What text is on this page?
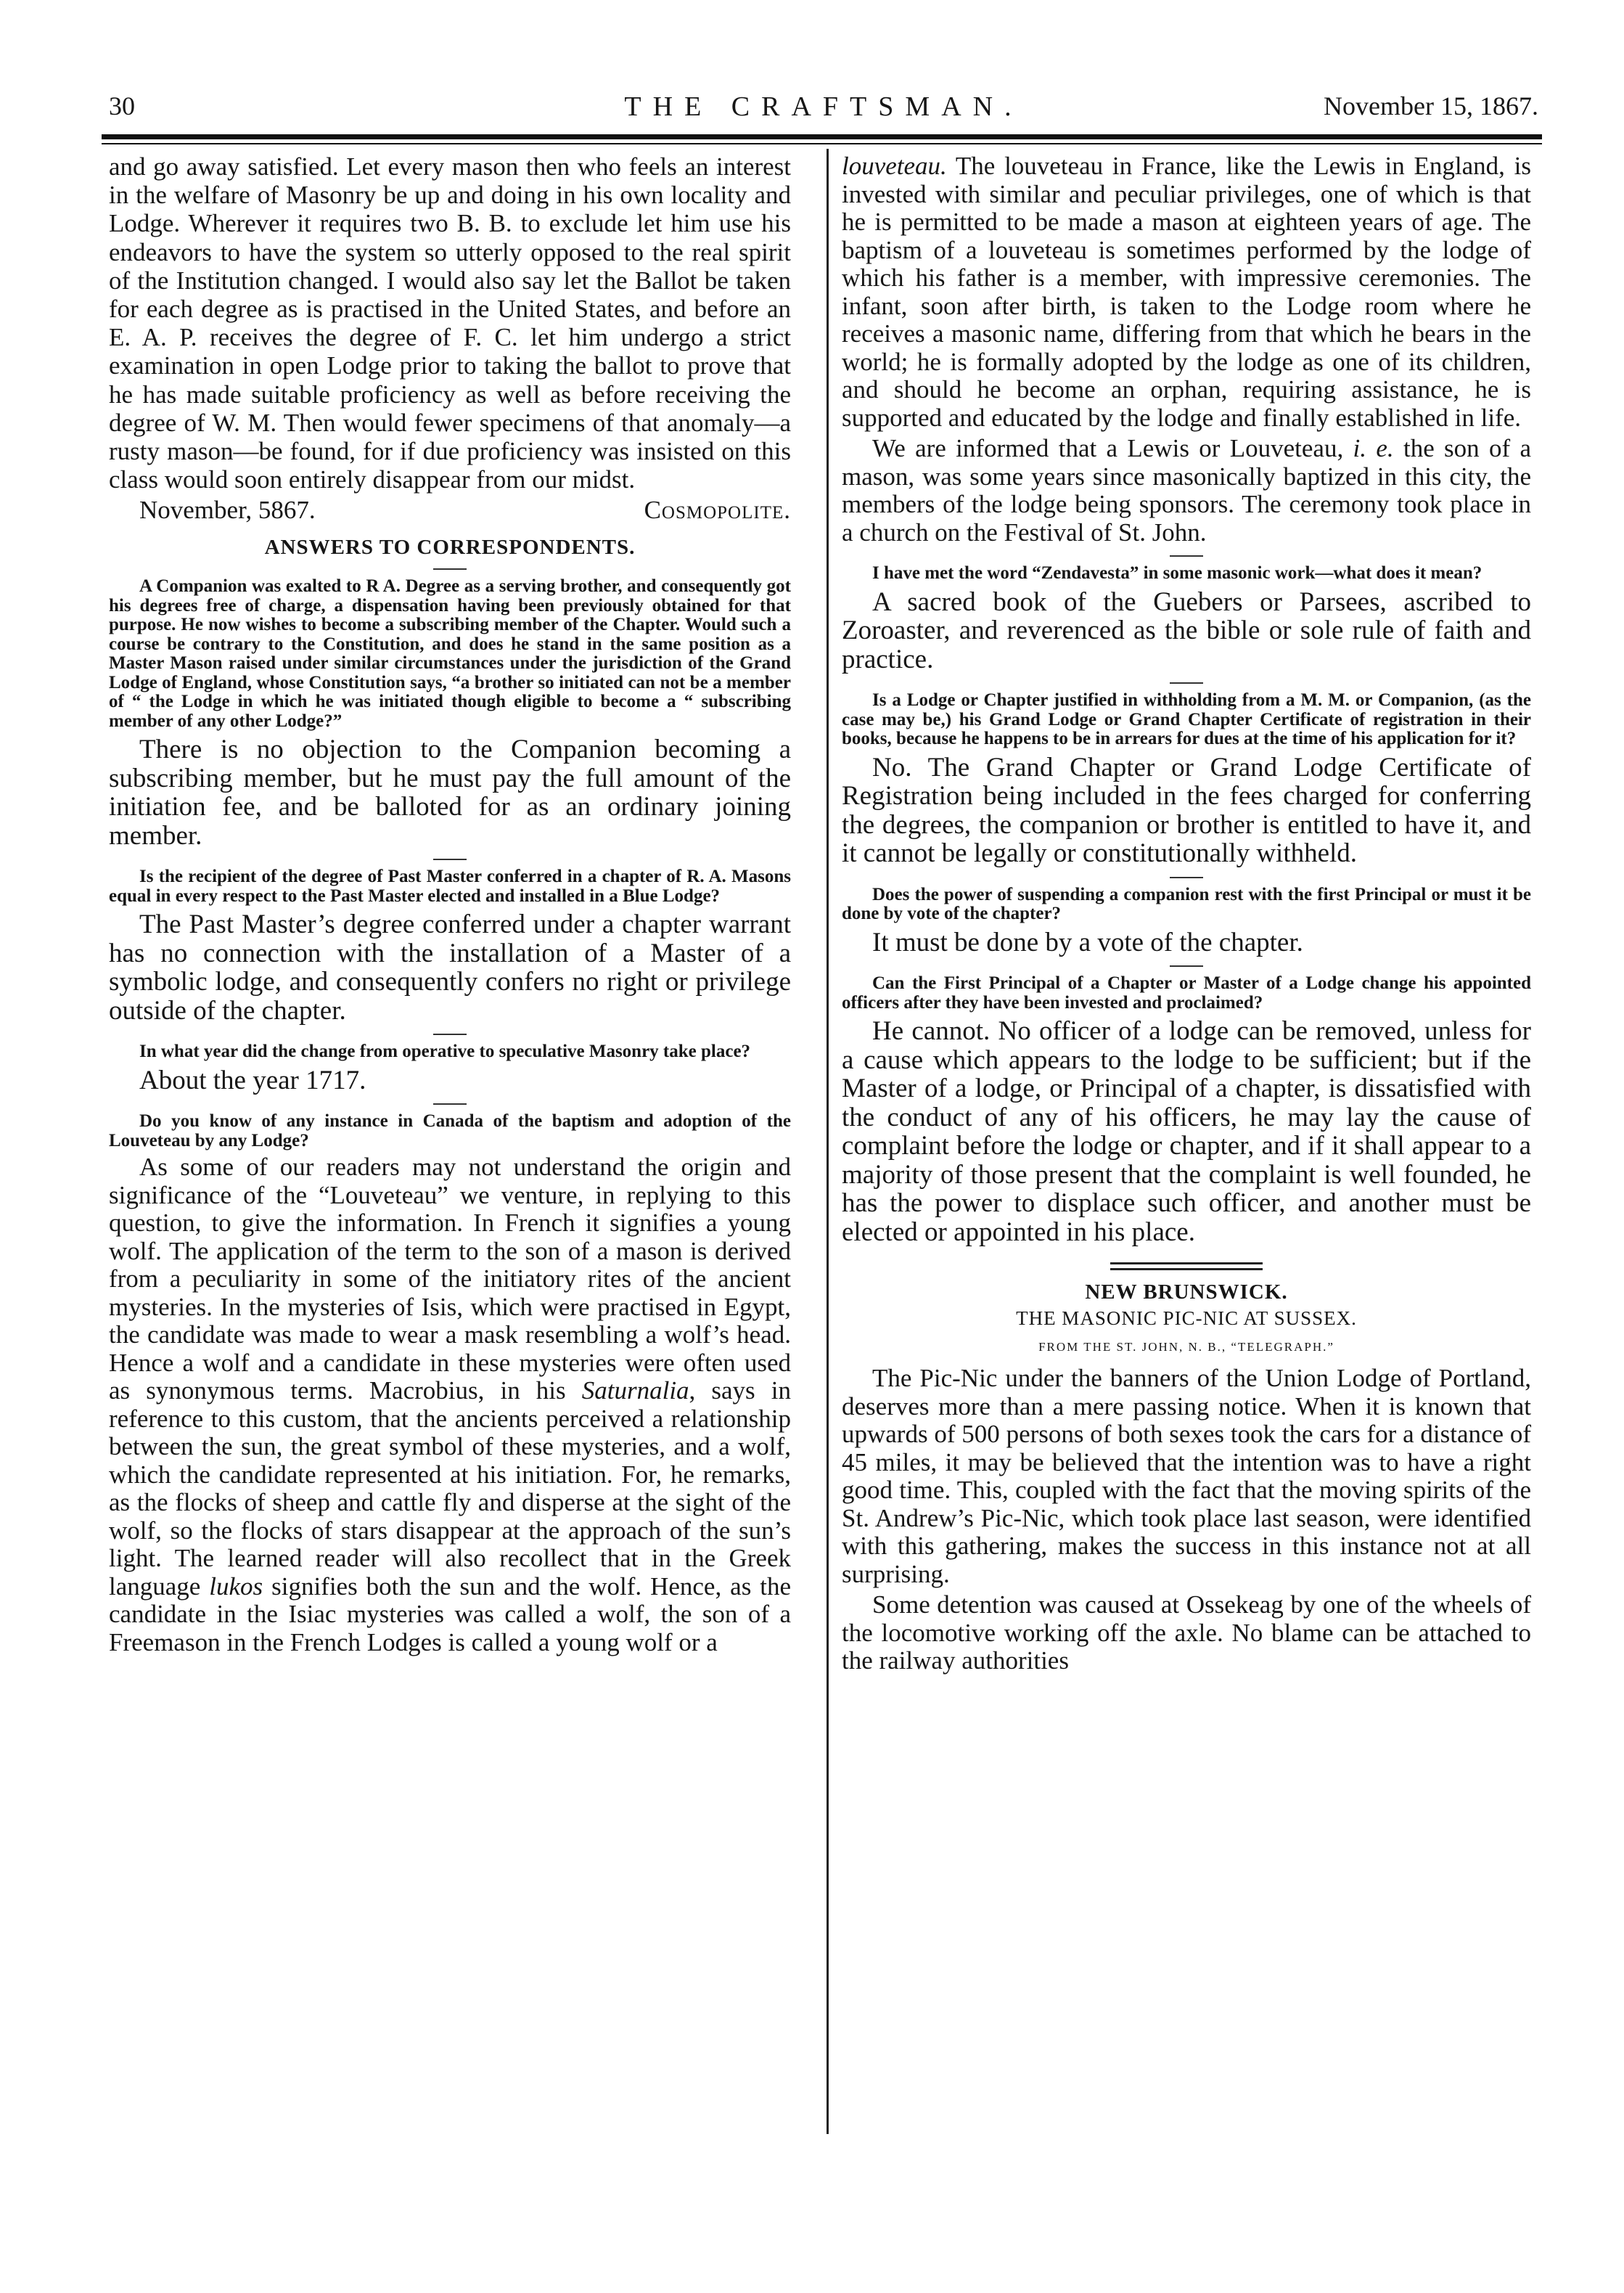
30	THE CRAFTSMAN.	November 15, 1867.

and go away satisfied. Let every mason then who feels an interest in the welfare of Masonry be up and doing in his own locality and Lodge. Wherever it requires two B. B. to exclude let him use his endeavors to have the system so utterly opposed to the real spirit of the Institution changed. I would also say let the Ballot be taken for each degree as is practised in the United States, and before an E. A. P. receives the degree of F. C. let him undergo a strict examination in open Lodge prior to taking the ballot to prove that he has made suitable proficiency as well as before receiving the degree of W. M. Then would fewer specimens of that anomaly—a rusty mason—be found, for if due proficiency was insisted on this class would soon entirely disappear from our midst.

November, 5867.	Cosmopolite.
ANSWERS TO CORRESPONDENTS.

A Companion was exalted to R A. Degree as a serving brother, and consequently got his degrees free of charge, a dispensation having been previously obtained for that purpose. He now wishes to become a subscribing member of the Chapter. Would such a course be contrary to the Constitution, and does he stand in the same position as a Master Mason raised under similar circumstances under the jurisdiction of the Grand Lodge of England, whose Constitution says, “a brother so initiated can not be a member of “ the Lodge in which he was initiated though eligible to become a “ subscribing member of any other Lodge?”

There is no objection to the Companion becoming a subscribing member, but he must pay the full amount of the initiation fee, and be balloted for as an ordinary joining member.

Is the recipient of the degree of Past Master conferred in a chapter of R. A. Masons equal in every respect to the Past Master elected and installed in a Blue Lodge?

The Past Master’s degree conferred under a chapter warrant has no connection with the installation of a Master of a symbolic lodge, and consequently confers no right or privilege outside of the chapter.

In what year did the change from operative to speculative Masonry take place?

About the year 1717.

Do you know of any instance in Canada of the baptism and adoption of the Louveteau by any Lodge?

As some of our readers may not understand the origin and significance of the “Louveteau” we venture, in replying to this question, to give the information. In French it signifies a young wolf. The application of the term to the son of a mason is derived from a peculiarity in some of the initiatory rites of the ancient mysteries. In the mysteries of Isis, which were practised in Egypt, the candidate was made to wear a mask resembling a wolf’s head. Hence a wolf and a candidate in these mysteries were often used as synonymous terms. Macrobius, in his Saturnalia, says in reference to this custom, that the ancients perceived a relationship between the sun, the great symbol of these mysteries, and a wolf, which the candidate represented at his initiation. For, he remarks, as the flocks of sheep and cattle fly and disperse at the sight of the wolf, so the flocks of stars disappear at the approach of the sun’s light. The learned reader will also recollect that in the Greek language lukos signifies both the sun and the wolf. Hence, as the candidate in the Isiac mysteries was called a wolf, the son of a Freemason in the French Lodges is called a young wolf or a

louveteau. The louveteau in France, like the Lewis in England, is invested with similar and peculiar privileges, one of which is that he is permitted to be made a mason at eighteen years of age. The baptism of a louveteau is sometimes performed by the lodge of which his father is a member, with impressive ceremonies. The infant, soon after birth, is taken to the Lodge room where he receives a masonic name, differing from that which he bears in the world; he is formally adopted by the lodge as one of its children, and should he become an orphan, requiring assistance, he is supported and educated by the lodge and finally established in life.

We are informed that a Lewis or Louveteau, i. e. the son of a mason, was some years since masonically baptized in this city, the members of the lodge being sponsors. The ceremony took place in a church on the Festival of St. John.

I have met the word “Zendavesta” in some masonic work—what does it mean?

A sacred book of the Guebers or Parsees, ascribed to Zoroaster, and reverenced as the bible or sole rule of faith and practice.

Is a Lodge or Chapter justified in withholding from a M. M. or Companion, (as the case may be,) his Grand Lodge or Grand Chapter Certificate of registration in their books, because he happens to be in arrears for dues at the time of his application for it?

No. The Grand Chapter or Grand Lodge Certificate of Registration being included in the fees charged for conferring the degrees, the companion or brother is entitled to have it, and it cannot be legally or constitutionally withheld.

Does the power of suspending a companion rest with the first Principal or must it be done by vote of the chapter?

It must be done by a vote of the chapter.

Can the First Principal of a Chapter or Master of a Lodge change his appointed officers after they have been invested and proclaimed?

He cannot. No officer of a lodge can be removed, unless for a cause which appears to the lodge to be sufficient; but if the Master of a lodge, or Principal of a chapter, is dissatisfied with the conduct of any of his officers, he may lay the cause of complaint before the lodge or chapter, and if it shall appear to a majority of those present that the complaint is well founded, he has the power to displace such officer, and another must be elected or appointed in his place.

NEW BRUNSWICK.
THE MASONIC PIC-NIC AT SUSSEX.
FROM THE ST. JOHN, N. B., “TELEGRAPH.”

The Pic-Nic under the banners of the Union Lodge of Portland, deserves more than a mere passing notice. When it is known that upwards of 500 persons of both sexes took the cars for a distance of 45 miles, it may be believed that the intention was to have a right good time. This, coupled with the fact that the moving spirits of the St. Andrew’s Pic-Nic, which took place last season, were identified with this gathering, makes the success in this instance not at all surprising.

Some detention was caused at Ossekeag by one of the wheels of the locomotive working off the axle. No blame can be attached to the railway authorities
